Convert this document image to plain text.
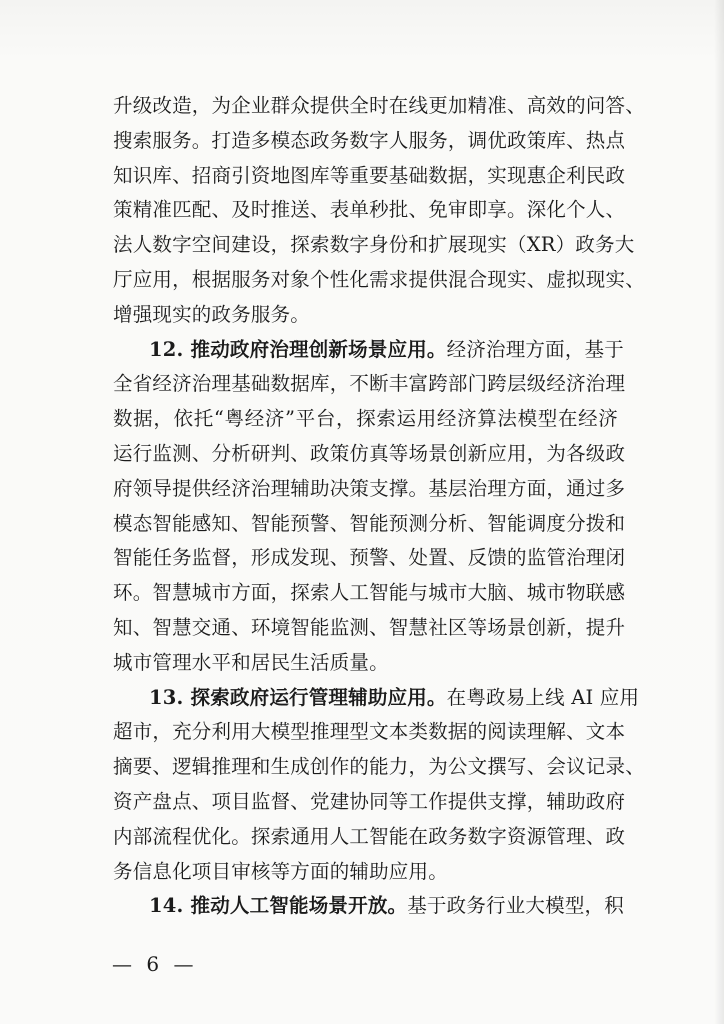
升级改造，为企业群众提供全时在线更加精准、高效的问答、
搜索服务。打造多模态政务数字人服务，调优政策库、热点
知识库、招商引资地图库等重要基础数据，实现惠企利民政
策精准匹配、及时推送、表单秒批、免审即享。深化个人、
法人数字空间建设，探索数字身份和扩展现实（XR）政务大
厅应用，根据服务对象个性化需求提供混合现实、虚拟现实、
增强现实的政务服务。
12. 推动政府治理创新场景应用。经济治理方面，基于
全省经济治理基础数据库，不断丰富跨部门跨层级经济治理
数据，依托“粤经济”平台，探索运用经济算法模型在经济
运行监测、分析研判、政策仿真等场景创新应用，为各级政
府领导提供经济治理辅助决策支撑。基层治理方面，通过多
模态智能感知、智能预警、智能预测分析、智能调度分拨和
智能任务监督，形成发现、预警、处置、反馈的监管治理闭
环。智慧城市方面，探索人工智能与城市大脑、城市物联感
知、智慧交通、环境智能监测、智慧社区等场景创新，提升
城市管理水平和居民生活质量。
13. 探索政府运行管理辅助应用。在粤政易上线 AI 应用
超市，充分利用大模型推理型文本类数据的阅读理解、文本
摘要、逻辑推理和生成创作的能力，为公文撰写、会议记录、
资产盘点、项目监督、党建协同等工作提供支撑，辅助政府
内部流程优化。探索通用人工智能在政务数字资源管理、政
务信息化项目审核等方面的辅助应用。
14. 推动人工智能场景开放。基于政务行业大模型，积
— 6 —
